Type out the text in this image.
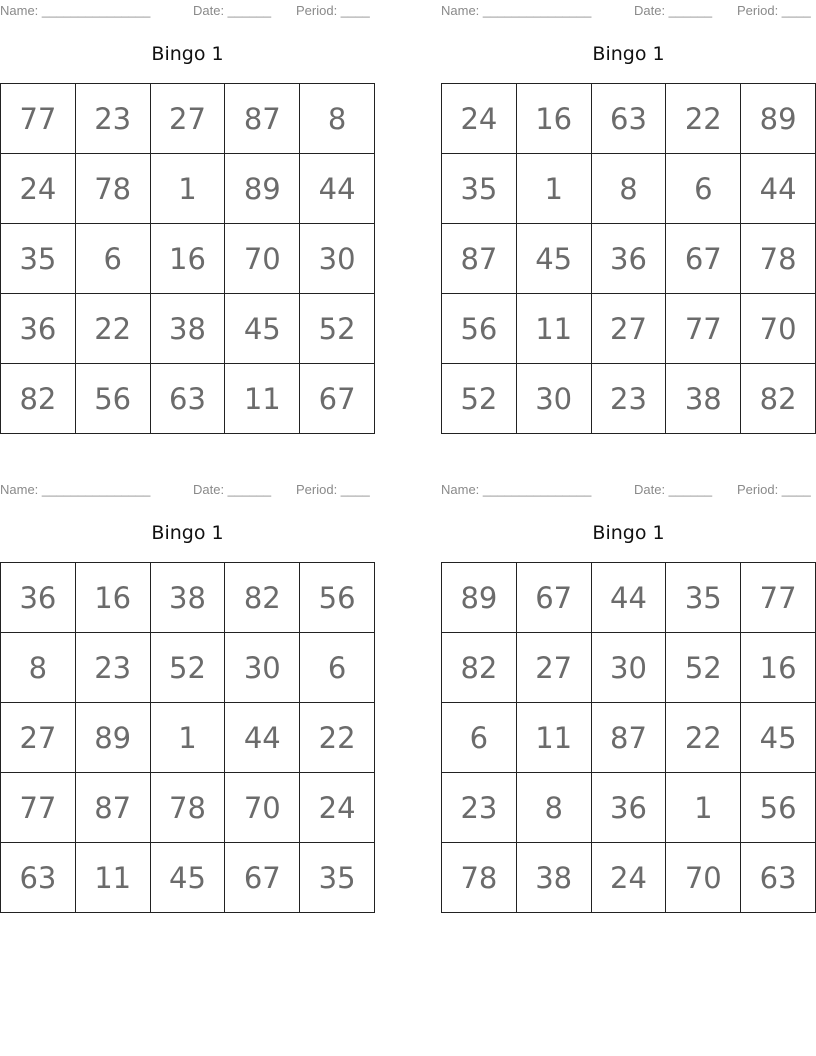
Name: _______________	Date: ______ Period: ____
Bingo 1
77	23	27	87	8
24	78	1	89	44
35	6	16	70	30
36	22	38	45	52
82	56	63	11	67
Name: _______________	Date: ______ Period: ____
Bingo 1
24	16	63	22	89
35	1	8	6	44
87	45	36	67	78
56	11	27	77	70
52	30	23	38	82
Name: _______________	Date: ______ Period: ____
Bingo 1
36	16	38	82	56
8	23	52	30	6
27	89	1	44	22
77	87	78	70	24
63	11	45	67	35
Name: _______________	Date: ______ Period: ____
Bingo 1
89	67	44	35	77
82	27	30	52	16
6	11	87	22	45
23	8	36	1	56
78	38	24	70	63
